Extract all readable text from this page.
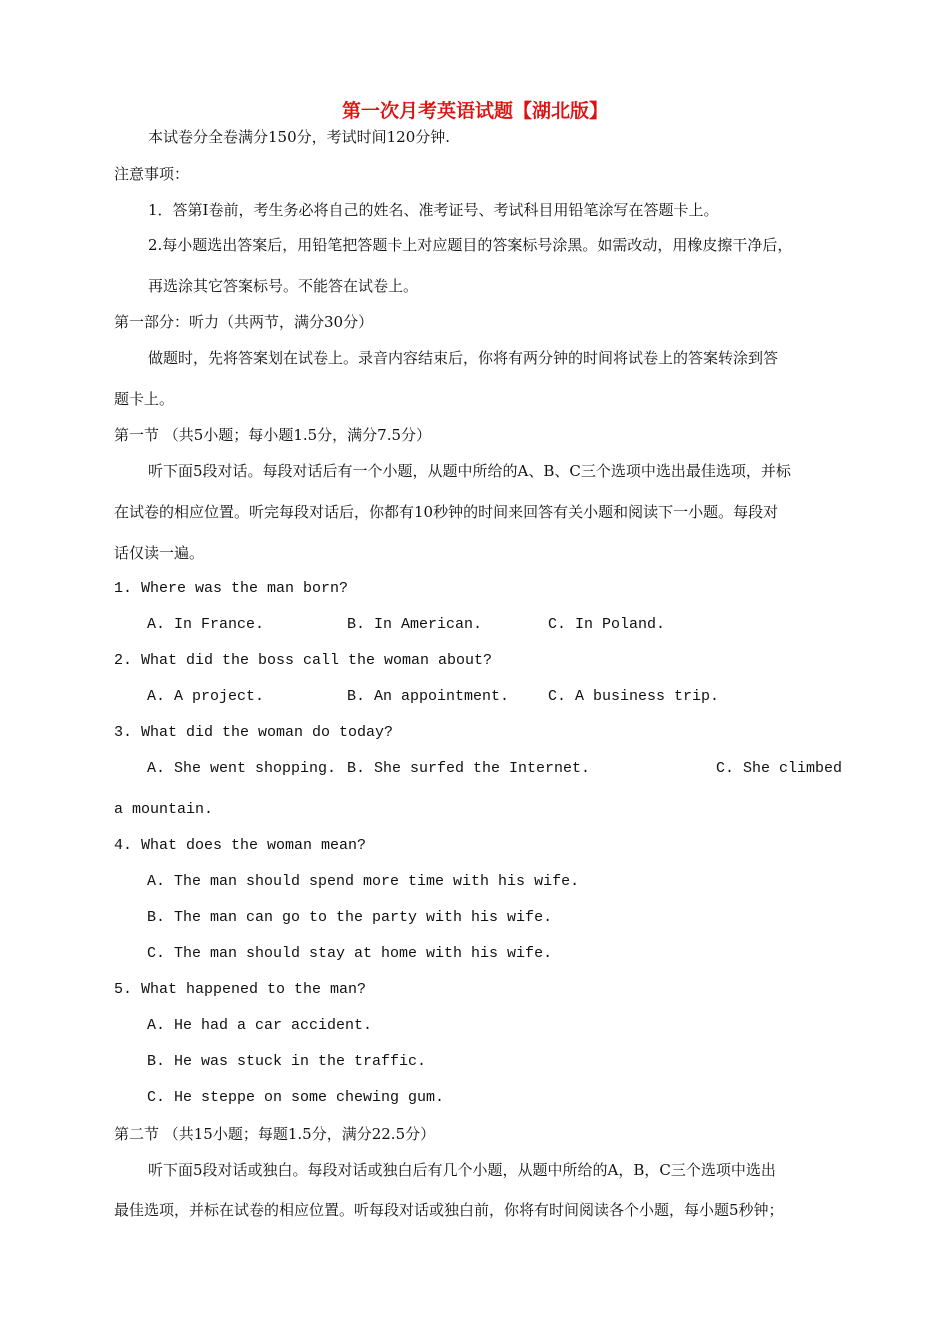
第一次月考英语试题【湖北版】
本试卷分全卷满分150分，考试时间120分钟.
注意事项：
1．答第Ⅰ卷前，考生务必将自己的姓名、准考证号、考试科目用铅笔涂写在答题卡上。
2.每小题选出答案后，用铅笔把答题卡上对应题目的答案标号涂黑。如需改动，用橡皮擦干净后，
再选涂其它答案标号。不能答在试卷上。
第一部分：听力（共两节，满分30分）
做题时，先将答案划在试卷上。录音内容结束后，你将有两分钟的时间将试卷上的答案转涂到答
题卡上。
第一节 （共5小题；每小题1.5分，满分7.5分）
听下面5段对话。每段对话后有一个小题，从题中所给的A、B、C三个选项中选出最佳选项，并标
在试卷的相应位置。听完每段对话后，你都有10秒钟的时间来回答有关小题和阅读下一小题。每段对
话仅读一遍。
1. Where was the man born?
A. In France.	B. In American.	C. In Poland.
2. What did the boss call the woman about?
A. A project.	B. An appointment.	C. A business trip.
3. What did the woman do today?
A. She went shopping. B. She surfed the Internet.	C. She climbed
a mountain.
4. What does the woman mean?
A. The man should spend more time with his wife.
B. The man can go to the party with his wife.
C. The man should stay at home with his wife.
5. What happened to the man?
A. He had a car accident.
B. He was stuck in the traffic.
C. He steppe on some chewing gum.
第二节 （共15小题；每题1.5分，满分22.5分）
听下面5段对话或独白。每段对话或独白后有几个小题，从题中所给的A，B，C三个选项中选出
最佳选项，并标在试卷的相应位置。听每段对话或独白前，你将有时间阅读各个小题，每小题5秒钟；
